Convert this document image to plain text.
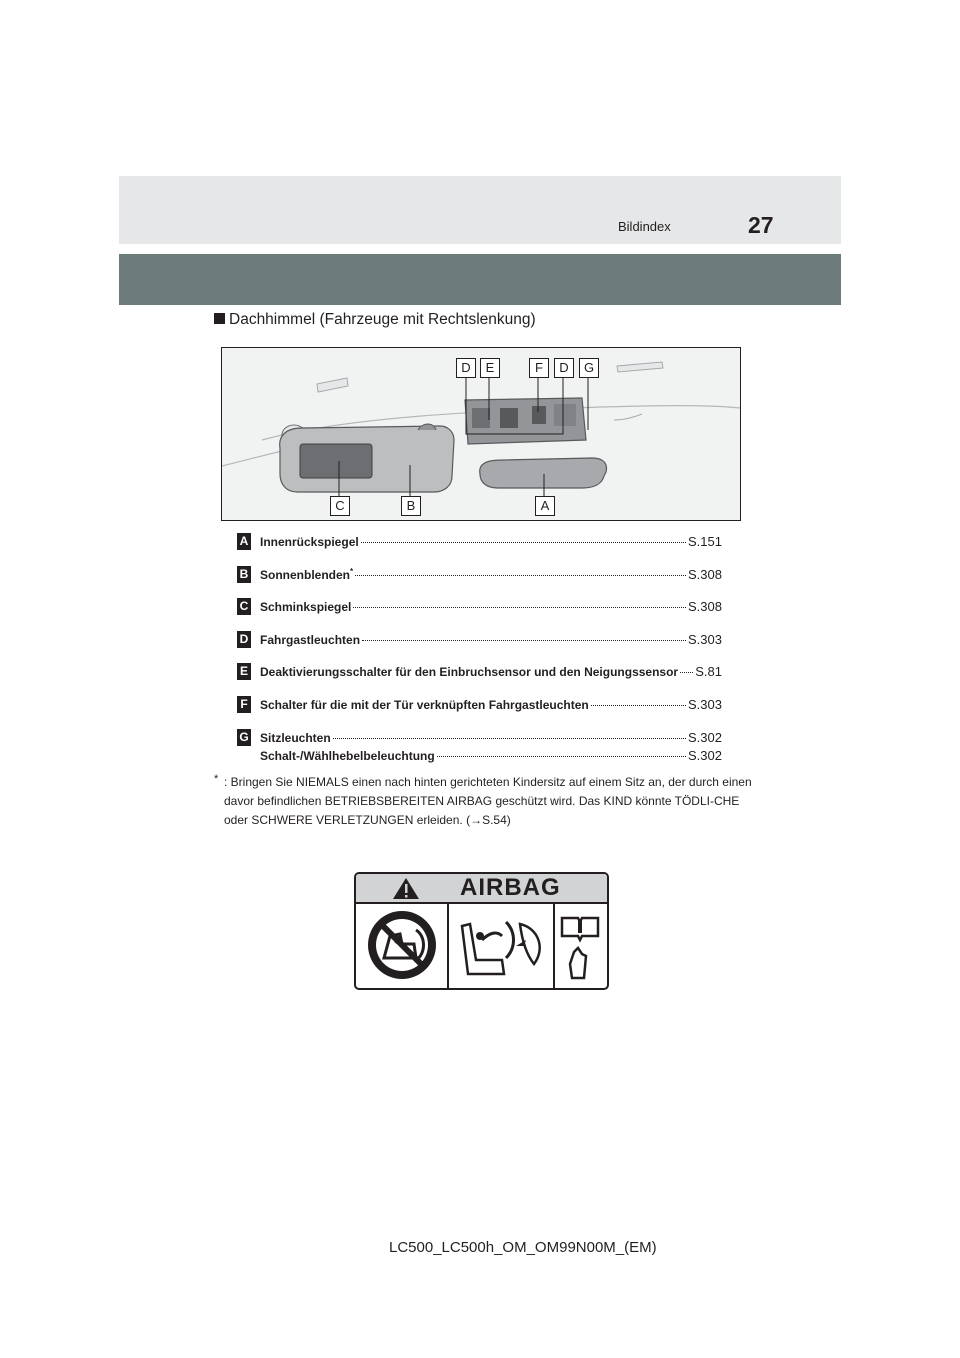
Bildindex	27
Dachhimmel (Fahrzeuge mit Rechtslenkung)
D	E	F	D	G
C	B	A
A Innenrückspiegel	S.151
B Sonnenblenden*	S.308
C Schminkspiegel	S.308
D Fahrgastleuchten	S.303
E Deaktivierungsschalter für den Einbruchsensor und den Neigungssensor S.81
F Schalter für die mit der Tür verknüpften Fahrgastleuchten	S.303
G Sitzleuchten	S.302
Schalt-/Wählhebelbeleuchtung	S.302
* : Bringen Sie NIEMALS einen nach hinten gerichteten Kindersitz auf einem Sitz an, der durch einen davor befindlichen BETRIEBSBEREITEN AIRBAG geschützt wird. Das KIND könnte TÖDLI-CHE oder SCHWERE VERLETZUNGEN erleiden. (→S.54)
AIRBAG
LC500_LC500h_OM_OM99N00M_(EM)
